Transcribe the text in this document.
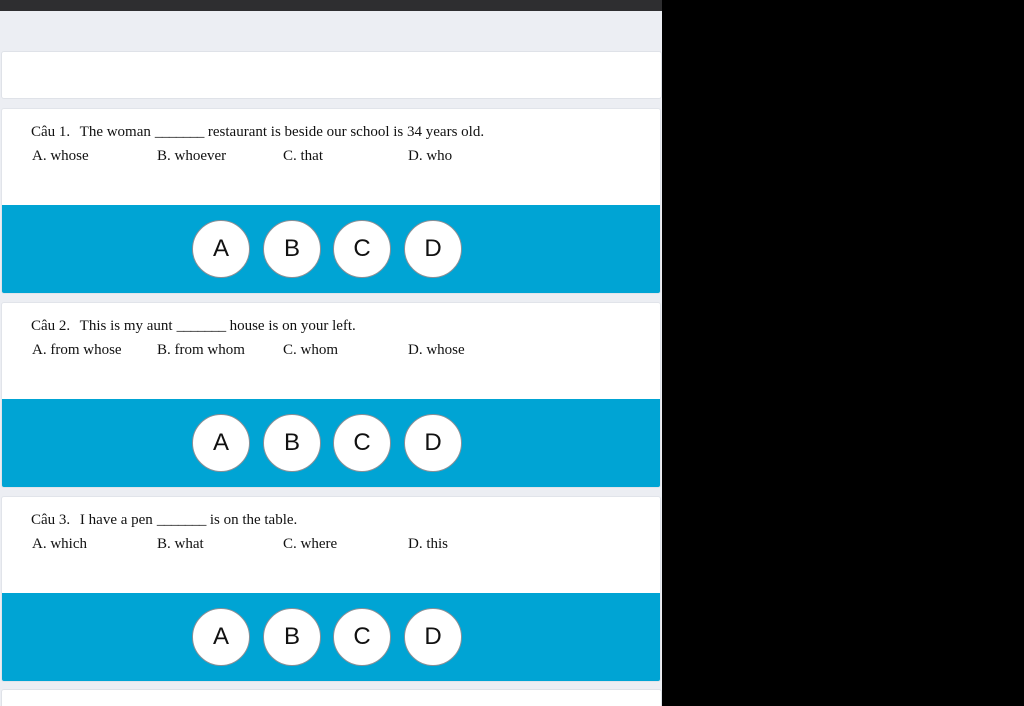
Câu 1. The woman _______ restaurant is beside our school is 34 years old.
A. whose	B. whoever	C. that	D. who
A	B	C	D
Câu 2. This is my aunt _______ house is on your left.
A. from whose B. from whom	C. whom	D. whose
A	B	C	D
Câu 3. I have a pen _______ is on the table.
A. which	B. what	C. where	D. this
A	B	C	D
